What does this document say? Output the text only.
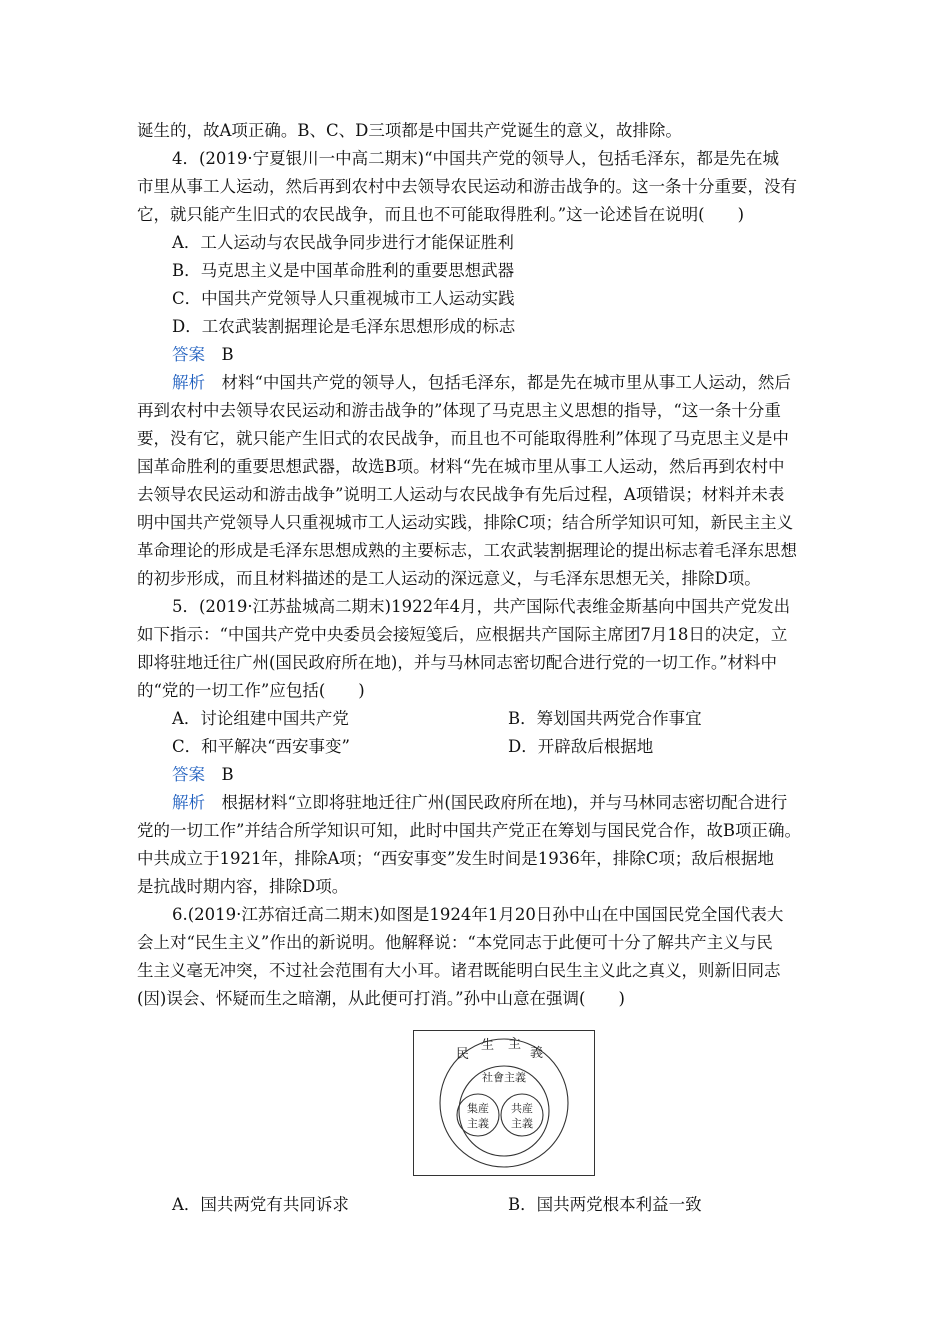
诞生的，故A项正确。B、C、D三项都是中国共产党诞生的意义，故排除。
4．(2019·宁夏银川一中高二期末)“中国共产党的领导人，包括毛泽东，都是先在城
市里从事工人运动，然后再到农村中去领导农民运动和游击战争的。这一条十分重要，没有
它，就只能产生旧式的农民战争，而且也不可能取得胜利。”这一论述旨在说明(　　)
A．工人运动与农民战争同步进行才能保证胜利
B．马克思主义是中国革命胜利的重要思想武器
C．中国共产党领导人只重视城市工人运动实践
D．工农武装割据理论是毛泽东思想形成的标志
答案　 B
解析　 材料“中国共产党的领导人，包括毛泽东，都是先在城市里从事工人运动，然后
再到农村中去领导农民运动和游击战争的”体现了马克思主义思想的指导，“这一条十分重
要，没有它，就只能产生旧式的农民战争，而且也不可能取得胜利”体现了马克思主义是中
国革命胜利的重要思想武器，故选B项。材料“先在城市里从事工人运动，然后再到农村中
去领导农民运动和游击战争”说明工人运动与农民战争有先后过程，A项错误；材料并未表
明中国共产党领导人只重视城市工人运动实践，排除C项；结合所学知识可知，新民主主义
革命理论的形成是毛泽东思想成熟的主要标志，工农武装割据理论的提出标志着毛泽东思想
的初步形成，而且材料描述的是工人运动的深远意义，与毛泽东思想无关，排除D项。
5．(2019·江苏盐城高二期末)1922年4月，共产国际代表维金斯基向中国共产党发出
如下指示：“中国共产党中央委员会接短笺后，应根据共产国际主席团7月18日的决定，立
即将驻地迁往广州(国民政府所在地)，并与马林同志密切配合进行党的一切工作。”材料中
的“党的一切工作”应包括(　　)
A．讨论组建中国共产党	B．筹划国共两党合作事宜
C．和平解决“西安事变”	D．开辟敌后根据地
答案　 B
解析　 根据材料“立即将驻地迁往广州(国民政府所在地)，并与马林同志密切配合进行
党的一切工作”并结合所学知识可知，此时中国共产党正在筹划与国民党合作，故B项正确。
中共成立于1921年，排除A项；“西安事变”发生时间是1936年，排除C项；敌后根据地
是抗战时期内容，排除D项。
6.(2019·江苏宿迁高二期末)如图是1924年1月20日孙中山在中国国民党全国代表大
会上对“民生主义”作出的新说明。他解释说：“本党同志于此便可十分了解共产主义与民
生主义毫无冲突，不过社会范围有大小耳。诸君既能明白民生主义此之真义，则新旧同志
(因)误会、怀疑而生之暗潮，从此便可打消。”孙中山意在强调(　　)
民
生 主
義
社會主義
集産
主義
共産
主義
A．国共两党有共同诉求	B．国共两党根本利益一致
